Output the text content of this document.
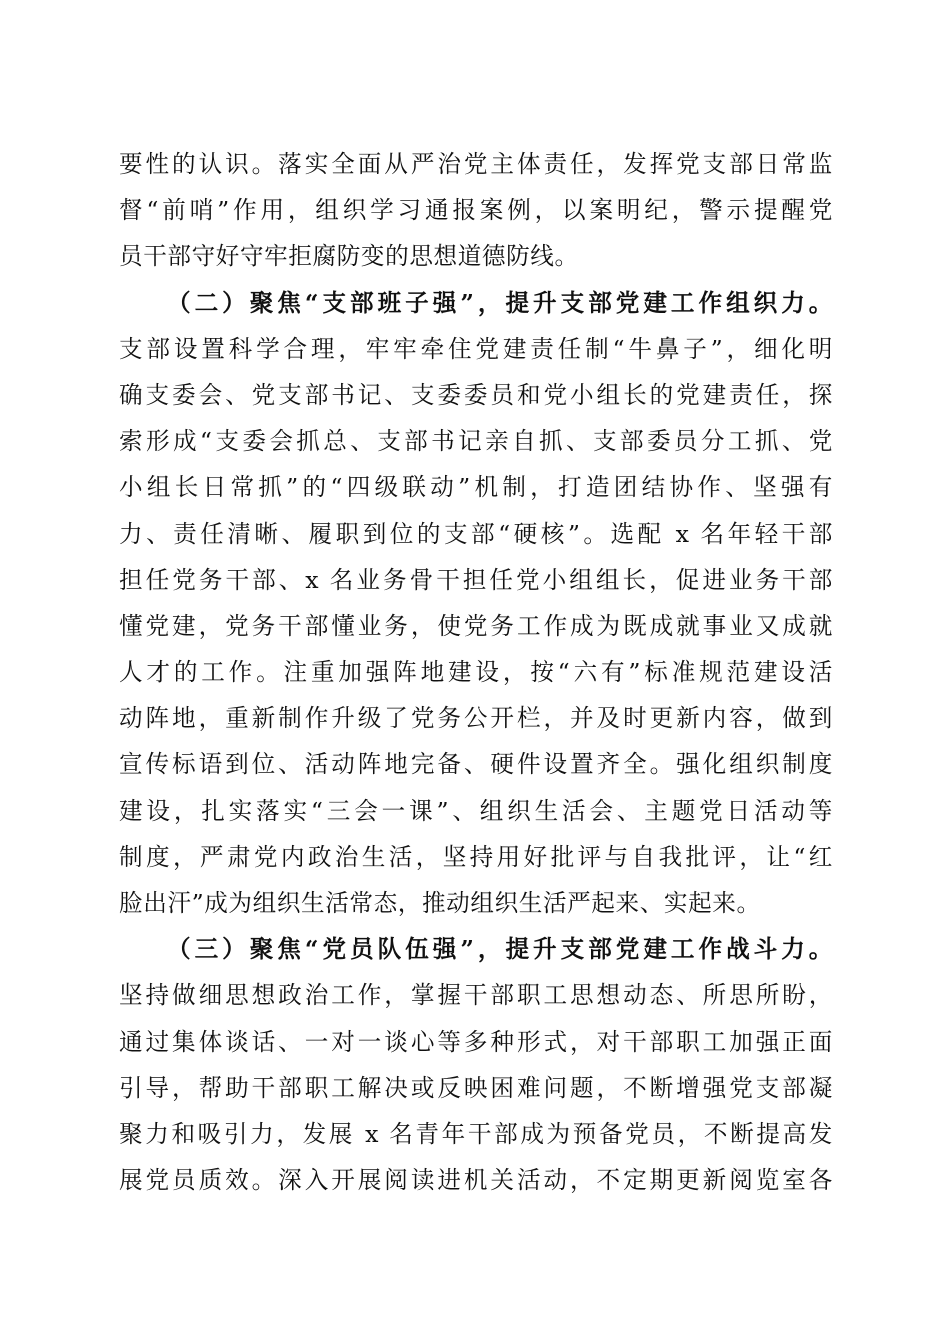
要性的认识。落实全面从严治党主体责任，发挥党支部日常监
督“前哨”作用，组织学习通报案例，以案明纪，警示提醒党
员干部守好守牢拒腐防变的思想道德防线。
（二）聚焦“支部班子强”，提升支部党建工作组织力。
支部设置科学合理，牢牢牵住党建责任制“牛鼻子”，细化明
确支委会、党支部书记、支委委员和党小组长的党建责任，探
索形成“支委会抓总、支部书记亲自抓、支部委员分工抓、党
小组长日常抓”的“四级联动”机制，打造团结协作、坚强有
力、责任清晰、履职到位的支部“硬核”。选配 x 名年轻干部
担任党务干部、x 名业务骨干担任党小组组长，促进业务干部
懂党建，党务干部懂业务，使党务工作成为既成就事业又成就
人才的工作。注重加强阵地建设，按“六有”标准规范建设活
动阵地，重新制作升级了党务公开栏，并及时更新内容，做到
宣传标语到位、活动阵地完备、硬件设置齐全。强化组织制度
建设，扎实落实“三会一课”、组织生活会、主题党日活动等
制度，严肃党内政治生活，坚持用好批评与自我批评，让“红
脸出汗”成为组织生活常态，推动组织生活严起来、实起来。
（三）聚焦“党员队伍强”，提升支部党建工作战斗力。
坚持做细思想政治工作，掌握干部职工思想动态、所思所盼，
通过集体谈话、一对一谈心等多种形式，对干部职工加强正面
引导，帮助干部职工解决或反映困难问题，不断增强党支部凝
聚力和吸引力，发展 x 名青年干部成为预备党员，不断提高发
展党员质效。深入开展阅读进机关活动，不定期更新阅览室各
